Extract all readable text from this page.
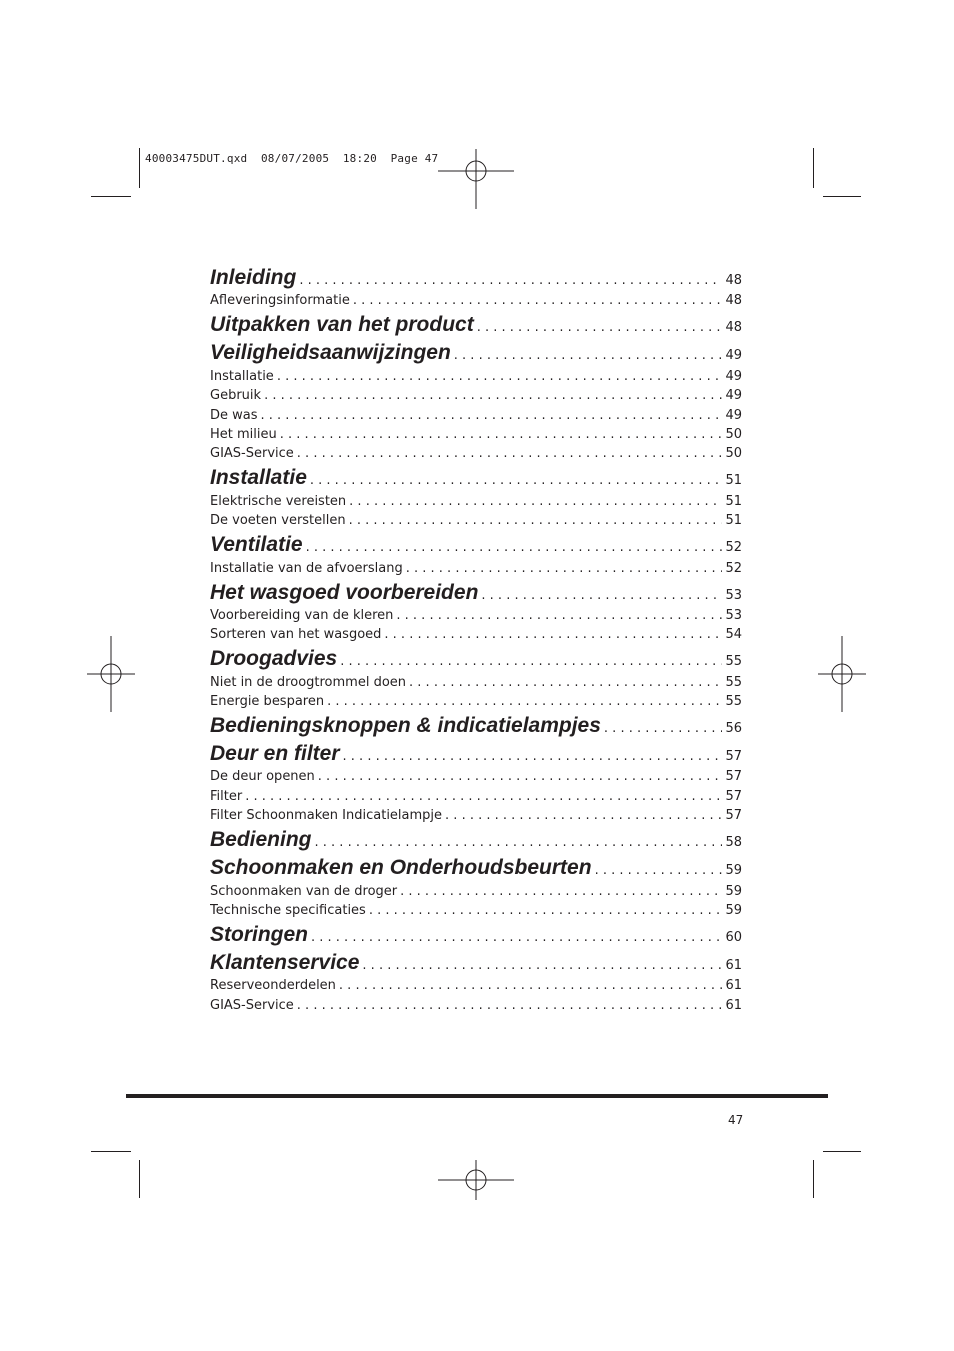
40003475DUT.qxd  08/07/2005  18:20  Page 47
Inleiding . . .	48
Afleveringsinformatie . . .	48
Uitpakken van het product . . .	48
Veiligheidsaanwijzingen . . .	49
Installatie . . .	49
Gebruik . . .	49
De was . . .	49
Het milieu . . .	50
GIAS-Service . . .	50
Installatie . . .	51
Elektrische vereisten . . .	51
De voeten verstellen . . .	51
Ventilatie . . .	52
Installatie van de afvoerslang . . .	52
Het wasgoed voorbereiden . . .	53
Voorbereiding van de kleren . . .	53
Sorteren van het wasgoed . . .	54
Droogadvies . . .	55
Niet in de droogtrommel doen . . .	55
Energie besparen . . .	55
Bedieningsknoppen & indicatielampjes . . .	56
Deur en filter . . .	57
De deur openen . . .	57
Filter . . .	57
Filter Schoonmaken Indicatielampje . . .	57
Bediening . . .	58
Schoonmaken en Onderhoudsbeurten . . .	59
Schoonmaken van de droger . . .	59
Technische specificaties . . .	59
Storingen . . .	60
Klantenservice . . .	61
Reserveonderdelen . . .	61
GIAS-Service . . .	61
47
